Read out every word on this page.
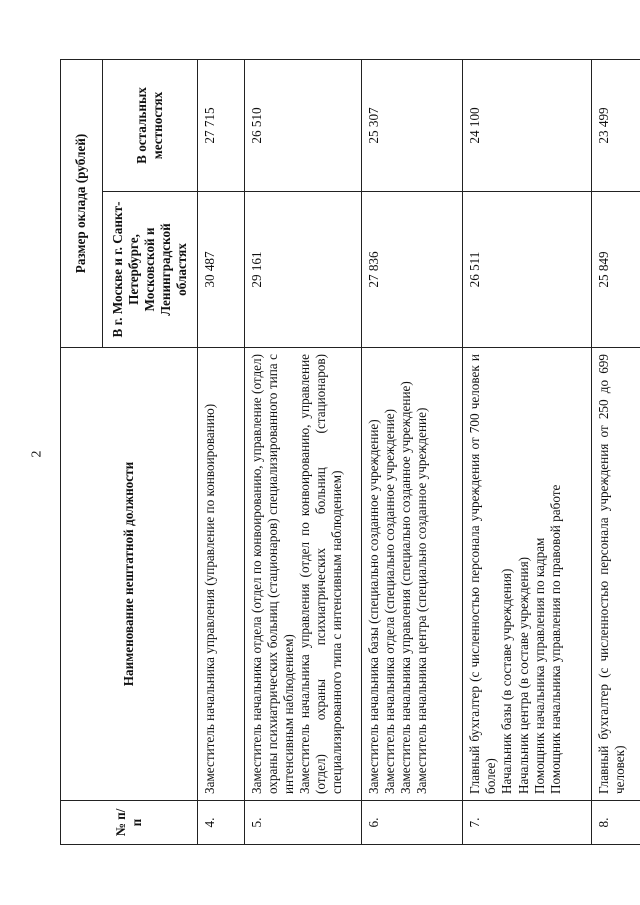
2
№ п/п	Наименование нештатной должности	Размер оклада (рублей)	
		В г. Москве и г. Санкт-Петербурге, Московской и Ленинградской областях	В остальных местностях
4.	Заместитель начальника управления (управление по конвоированию)	30 487	27 715
5.	Заместитель начальника отдела (отдел по конвоированию, управление (отдел) охраны психиатрических больниц (стационаров) специализированного типа с интенсивным наблюдением) Заместитель начальника управления (отдел по конвоированию, управление (отдел) охраны психиатрических больниц (стационаров) специализированного типа с интенсивным наблюдением)	29 161	26 510
6.	Заместитель начальника базы (специально созданное учреждение) Заместитель начальника отдела (специально созданное учреждение) Заместитель начальника управления (специально созданное учреждение) Заместитель начальника центра (специально созданное учреждение)	27 836	25 307
7.	Главный бухгалтер (с численностью персонала учреждения от 700 человек и более) Начальник базы (в составе учреждения) Начальник центра (в составе учреждения) Помощник начальника управления по кадрам Помощник начальника управления по правовой работе	26 511	24 100
8.	Главный бухгалтер (с численностью персонала учреждения от 250 до 699 человек)	25 849	23 499
